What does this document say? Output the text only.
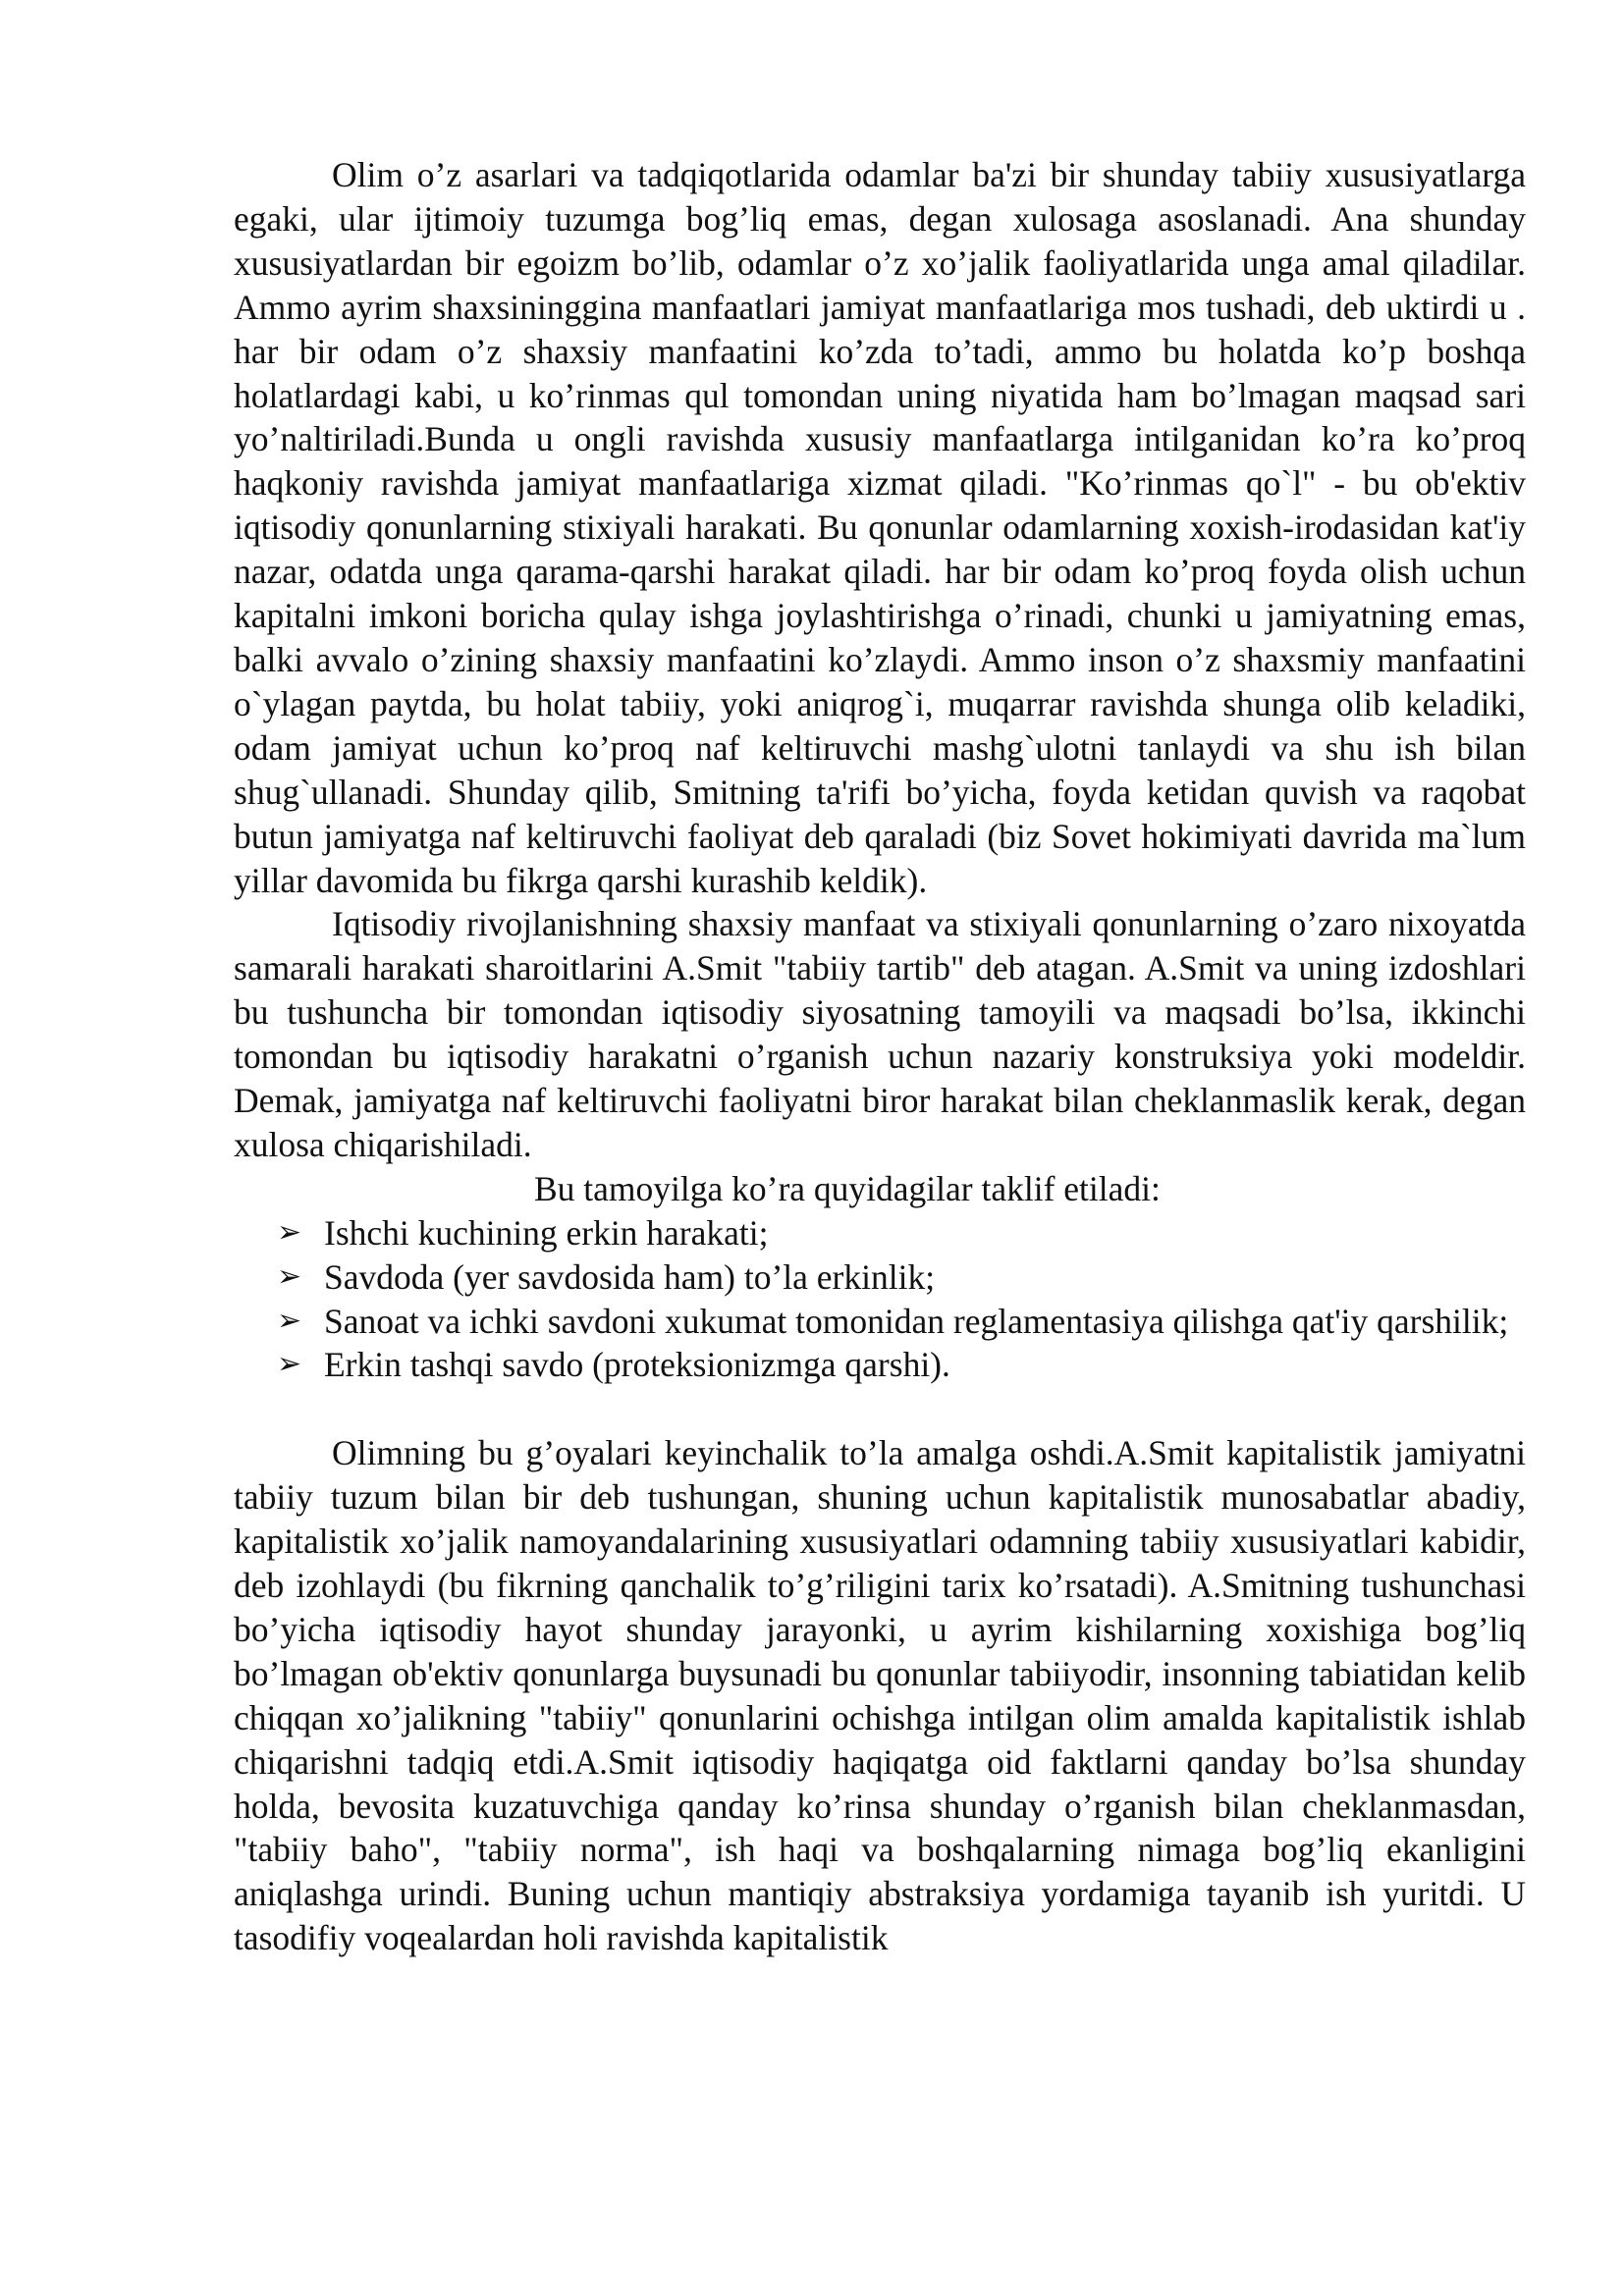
Olim o’z asarlari va tadqiqotlarida odamlar ba'zi bir shunday tabiiy xususiyatlarga egaki, ular ijtimoiy tuzumga bog’liq emas, degan xulosaga asoslanadi. Ana shunday xususiyatlardan bir egoizm bo’lib, odamlar o’z xo’jalik faoliyatlarida unga amal qiladilar. Ammo ayrim shaxsininggina manfaatlari jamiyat manfaatlariga mos tushadi, deb uktirdi u . har bir odam o’z shaxsiy manfaatini ko’zda to’tadi, ammo bu holatda ko’p boshqa holatlardagi kabi, u ko’rinmas qul tomondan uning niyatida ham bo’lmagan maqsad sari yo’naltiriladi.Bunda u ongli ravishda xususiy manfaatlarga intilganidan ko’ra ko’proq haqkoniy ravishda jamiyat manfaatlariga xizmat qiladi. "Ko’rinmas qo`l" - bu ob'ektiv iqtisodiy qonunlarning stixiyali harakati. Bu qonunlar odamlarning xoxish-irodasidan kat'iy nazar, odatda unga qarama-qarshi harakat qiladi. har bir odam ko’proq foyda olish uchun kapitalni imkoni boricha qulay ishga joylashtirishga o’rinadi, chunki u jamiyatning emas, balki avvalo o’zining shaxsiy manfaatini ko’zlaydi. Ammo inson o’z shaxsmiy manfaatini o`ylagan paytda, bu holat tabiiy, yoki aniqrog`i, muqarrar ravishda shunga olib keladiki, odam jamiyat uchun ko’proq naf keltiruvchi mashg`ulotni tanlaydi va shu ish bilan shug`ullanadi. Shunday qilib, Smitning ta'rifi bo’yicha, foyda ketidan quvish va raqobat butun jamiyatga naf keltiruvchi faoliyat deb qaraladi (biz Sovet hokimiyati davrida ma`lum yillar davomida bu fikrga qarshi kurashib keldik).

Iqtisodiy rivojlanishning shaxsiy manfaat va stixiyali qonunlarning o’zaro nixoyatda samarali harakati sharoitlarini A.Smit "tabiiy tartib" deb atagan. A.Smit va uning izdoshlari bu tushuncha bir tomondan iqtisodiy siyosatning tamoyili va maqsadi bo’lsa, ikkinchi tomondan bu iqtisodiy harakatni o’rganish uchun nazariy konstruksiya yoki modeldir. Demak, jamiyatga naf keltiruvchi faoliyatni biror harakat bilan cheklanmaslik kerak, degan xulosa chiqarishiladi.

Bu tamoyilga ko’ra quyidagilar taklif etiladi:

➢ Ishchi kuchining erkin harakati;
➢ Savdoda (yer savdosida ham) to’la erkinlik;
➢ Sanoat va ichki savdoni xukumat tomonidan reglamentasiya qilishga qat'iy qarshilik;
➢ Erkin tashqi savdo (proteksionizmga qarshi).

Olimning bu g’oyalari keyinchalik to’la amalga oshdi.A.Smit kapitalistik jamiyatni tabiiy tuzum bilan bir deb tushungan, shuning uchun kapitalistik munosabatlar abadiy, kapitalistik xo’jalik namoyandalarining xususiyatlari odamning tabiiy xususiyatlari kabidir, deb izohlaydi (bu fikrning qanchalik to’g’riligini tarix ko’rsatadi). A.Smitning tushunchasi bo’yicha iqtisodiy hayot shunday jarayonki, u ayrim kishilarning xoxishiga bog’liq bo’lmagan ob'ektiv qonunlarga buysunadi bu qonunlar tabiiyodir, insonning tabiatidan kelib chiqqan xo’jalikning "tabiiy" qonunlarini ochishga intilgan olim amalda kapitalistik ishlab chiqarishni tadqiq etdi.A.Smit iqtisodiy haqiqatga oid faktlarni qanday bo’lsa shunday holda, bevosita kuzatuvchiga qanday ko’rinsa shunday o’rganish bilan cheklanmasdan, "tabiiy baho", "tabiiy norma", ish haqi va boshqalarning nimaga bog’liq ekanligini aniqlashga urindi. Buning uchun mantiqiy abstraksiya yordamiga tayanib ish yuritdi. U tasodifiy voqealardan holi ravishda kapitalistik
